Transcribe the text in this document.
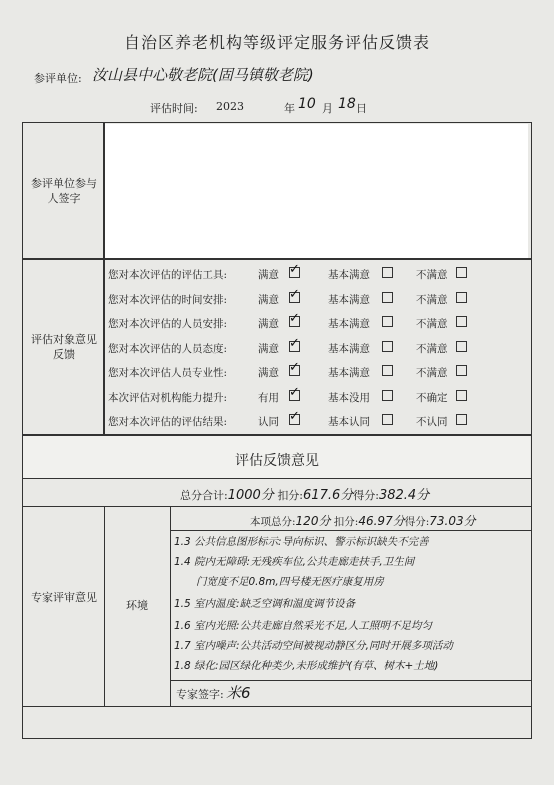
自治区养老机构等级评定服务评估反馈表
参评单位: 汝山县中心敬老院(固马镇敬老院)
评估时间: 2023	年 10 月 18 日
参评单位参与人签字
评估对象意见反馈
您对本次评估的评估工具:	满意 ✓	基本满意	不满意
您对本次评估的时间安排:	满意 ✓	基本满意	不满意
您对本次评估的人员安排:	满意 ✓	基本满意	不满意
您对本次评估的人员态度:	满意 ✓	基本满意	不满意
您对本次评估人员专业性:	满意 ✓	基本满意	不满意
本次评估对机构能力提升:	有用 ✓	基本没用	不确定
您对本次评估的评估结果:	认同 ✓	基本认同	不认同
评估反馈意见
总分合计:1000分 扣分:617.6分得分:382.4分
专家评审意见
环境
本项总分:120分 扣分:46.97分得分:73.03分
1.3 公共信息图形标示:导向标识、警示标识缺失不完善
1.4 院内无障碍:无残疾车位,公共走廊走扶手,卫生间
门宽度不足0.8m,四号楼无医疗康复用房
1.5 室内温度:缺乏空调和温度调节设备
1.6 室内光照:公共走廊自然采光不足,人工照明不足均匀
1.7 室内噪声:公共活动空间被视动静区分,同时开展多项活动
1.8 绿化:园区绿化种类少,未形成维护(有草、树木+土地)
专家签字: 米6
